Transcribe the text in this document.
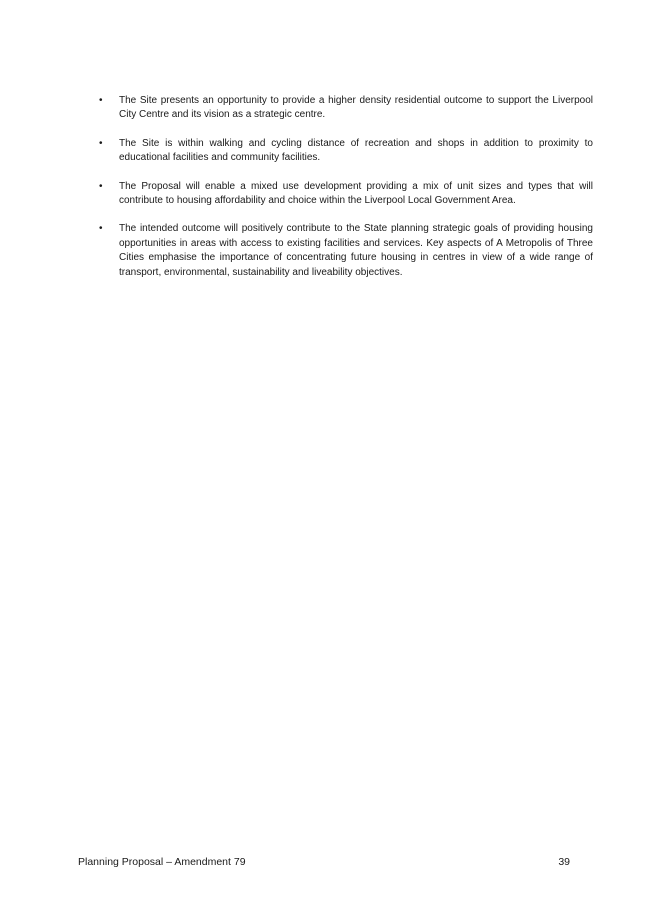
• The Site presents an opportunity to provide a higher density residential outcome to support the Liverpool City Centre and its vision as a strategic centre.
• The Site is within walking and cycling distance of recreation and shops in addition to proximity to educational facilities and community facilities.
• The Proposal will enable a mixed use development providing a mix of unit sizes and types that will contribute to housing affordability and choice within the Liverpool Local Government Area.
• The intended outcome will positively contribute to the State planning strategic goals of providing housing opportunities in areas with access to existing facilities and services. Key aspects of A Metropolis of Three Cities emphasise the importance of concentrating future housing in centres in view of a wide range of transport, environmental, sustainability and liveability objectives.
Planning Proposal – Amendment 79	39
